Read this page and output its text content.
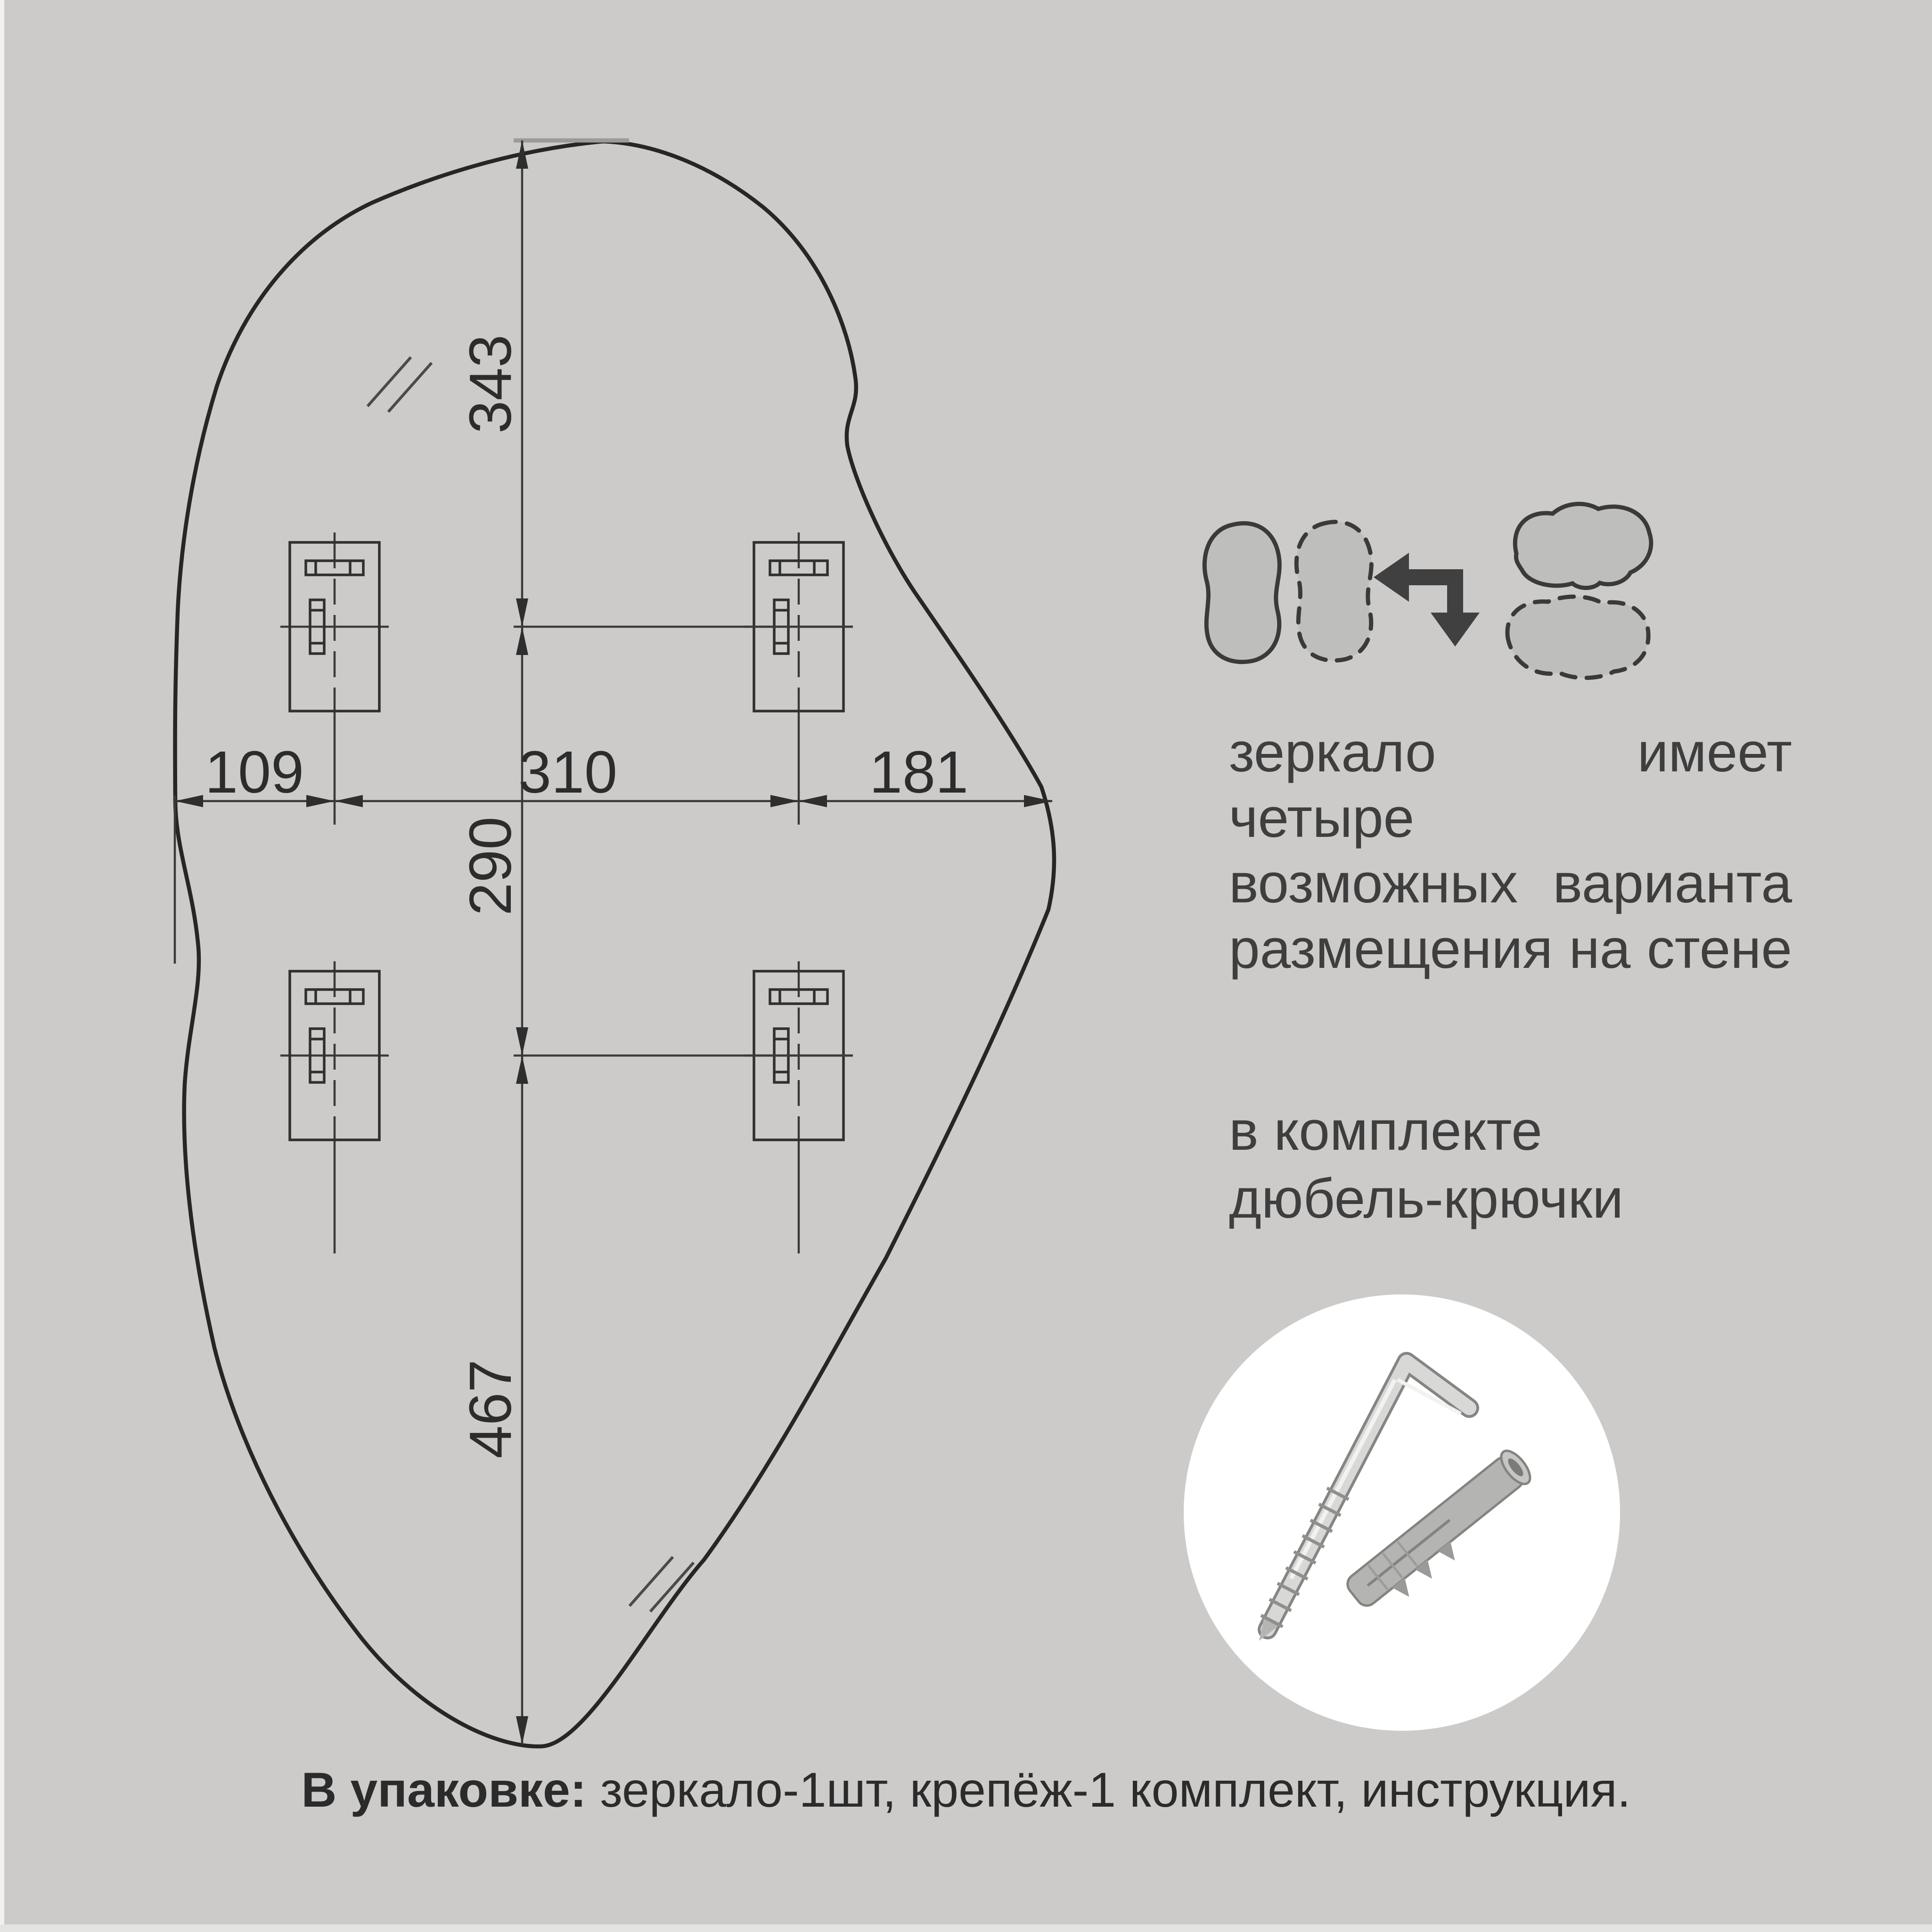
343
290
467
109	310	181	зеркало имеет четыре
возможных варианта
размещения на стене
в комплекте
дюбель-крючки
В упаковке: зеркало-1шт, крепёж-1 комплект, инструкция.
